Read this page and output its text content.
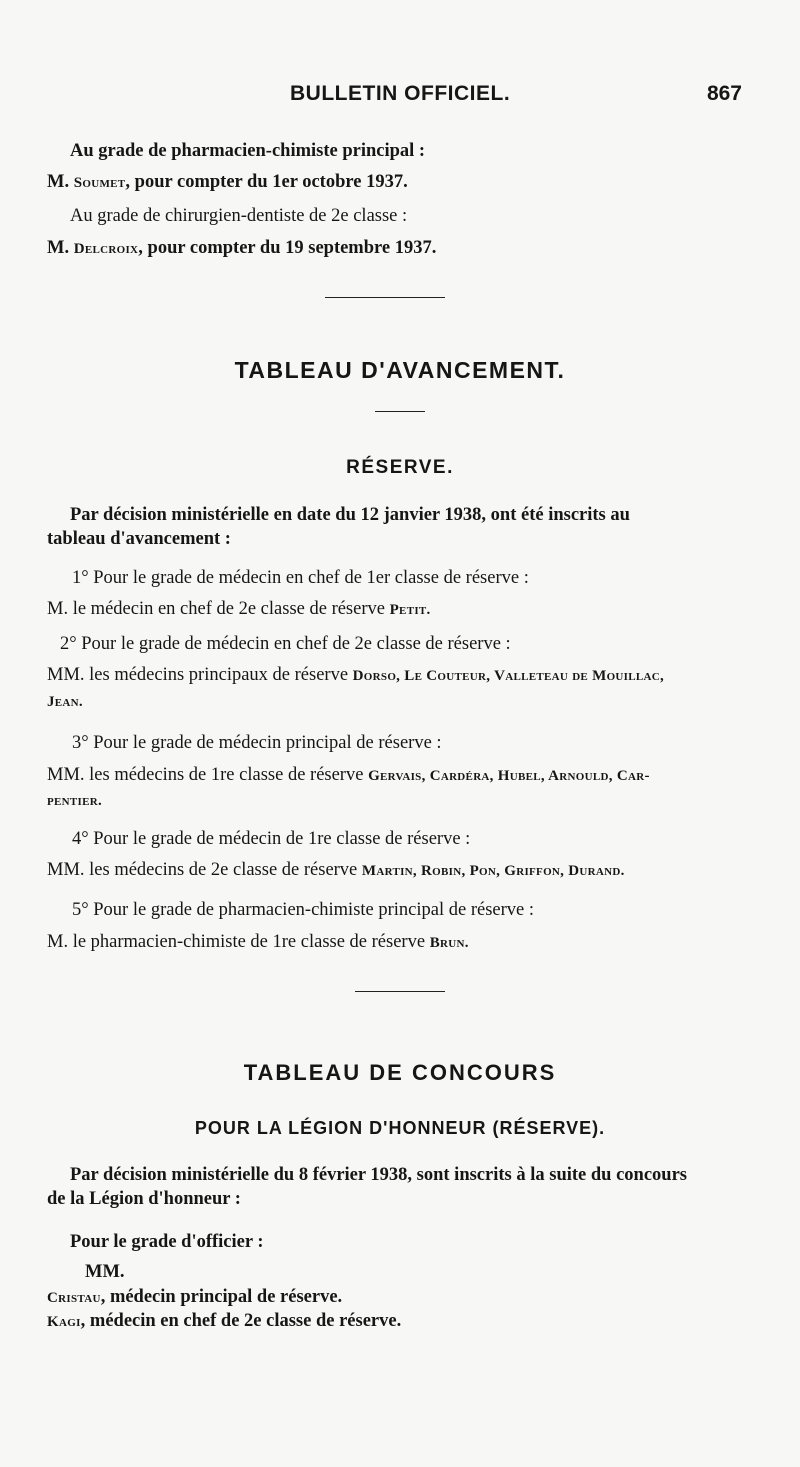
BULLETIN OFFICIEL.	867
Au grade de pharmacien-chimiste principal :
M. Soumet, pour compter du 1er octobre 1937.
Au grade de chirurgien-dentiste de 2e classe :
M. Delcroix, pour compter du 19 septembre 1937.
TABLEAU D'AVANCEMENT.
RÉSERVE.
Par décision ministérielle en date du 12 janvier 1938, ont été inscrits au
tableau d'avancement :
1° Pour le grade de médecin en chef de 1er classe de réserve :
M. le médecin en chef de 2e classe de réserve Petit.
2° Pour le grade de médecin en chef de 2e classe de réserve :
MM. les médecins principaux de réserve Dorso, Le Couteur, Valleteau de Mouillac,
Jean.
3° Pour le grade de médecin principal de réserve :
MM. les médecins de 1re classe de réserve Gervais, Cardéra, Hubel, Arnould, Car-
pentier.
4° Pour le grade de médecin de 1re classe de réserve :
MM. les médecins de 2e classe de réserve Martin, Robin, Pon, Griffon, Durand.
5° Pour le grade de pharmacien-chimiste principal de réserve :
M. le pharmacien-chimiste de 1re classe de réserve Brun.
TABLEAU DE CONCOURS
POUR LA LÉGION D'HONNEUR (RÉSERVE).
Par décision ministérielle du 8 février 1938, sont inscrits à la suite du concours
de la Légion d'honneur :
Pour le grade d'officier :
MM.
Cristau, médecin principal de réserve.
Kagi, médecin en chef de 2e classe de réserve.
